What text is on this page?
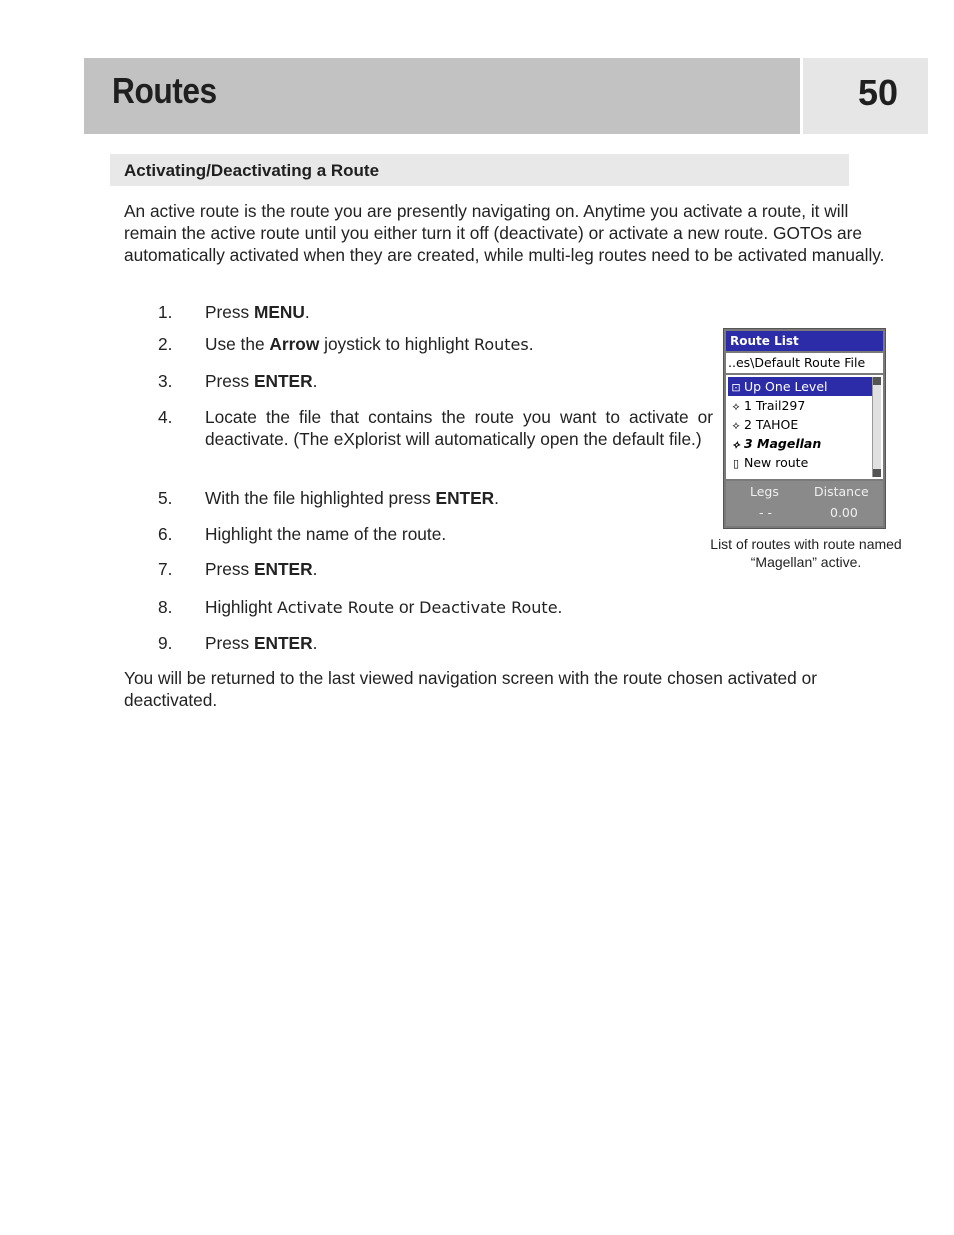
Routes	50
Activating/Deactivating a Route
An active route is the route you are presently navigating on. Anytime you activate a route, it will remain the active route until you either turn it off (deactivate) or activate a new route. GOTOs are automatically activated when they are created, while multi-leg routes need to be activated manually.
1.	Press MENU.
2.	Use the Arrow joystick to highlight Routes.
3.	Press ENTER.
4.	Locate the file that contains the route you want to activate or deactivate. (The eXplorist will automatically open the default file.)
5.	With the file highlighted press ENTER.
6.	Highlight the name of the route.
7.	Press ENTER.
8.	Highlight Activate Route or Deactivate Route.
9.	Press ENTER.
You will be returned to the last viewed navigation screen with the route chosen activated or deactivated.
Route List
..es\Default Route File
⊡ Up One Level
⟡ 1 Trail297
⟡ 2 TAHOE
⟡ 3 Magellan
▯ New route
Legs	Distance
- -	0.00
List of routes with route named “Magellan” active.
